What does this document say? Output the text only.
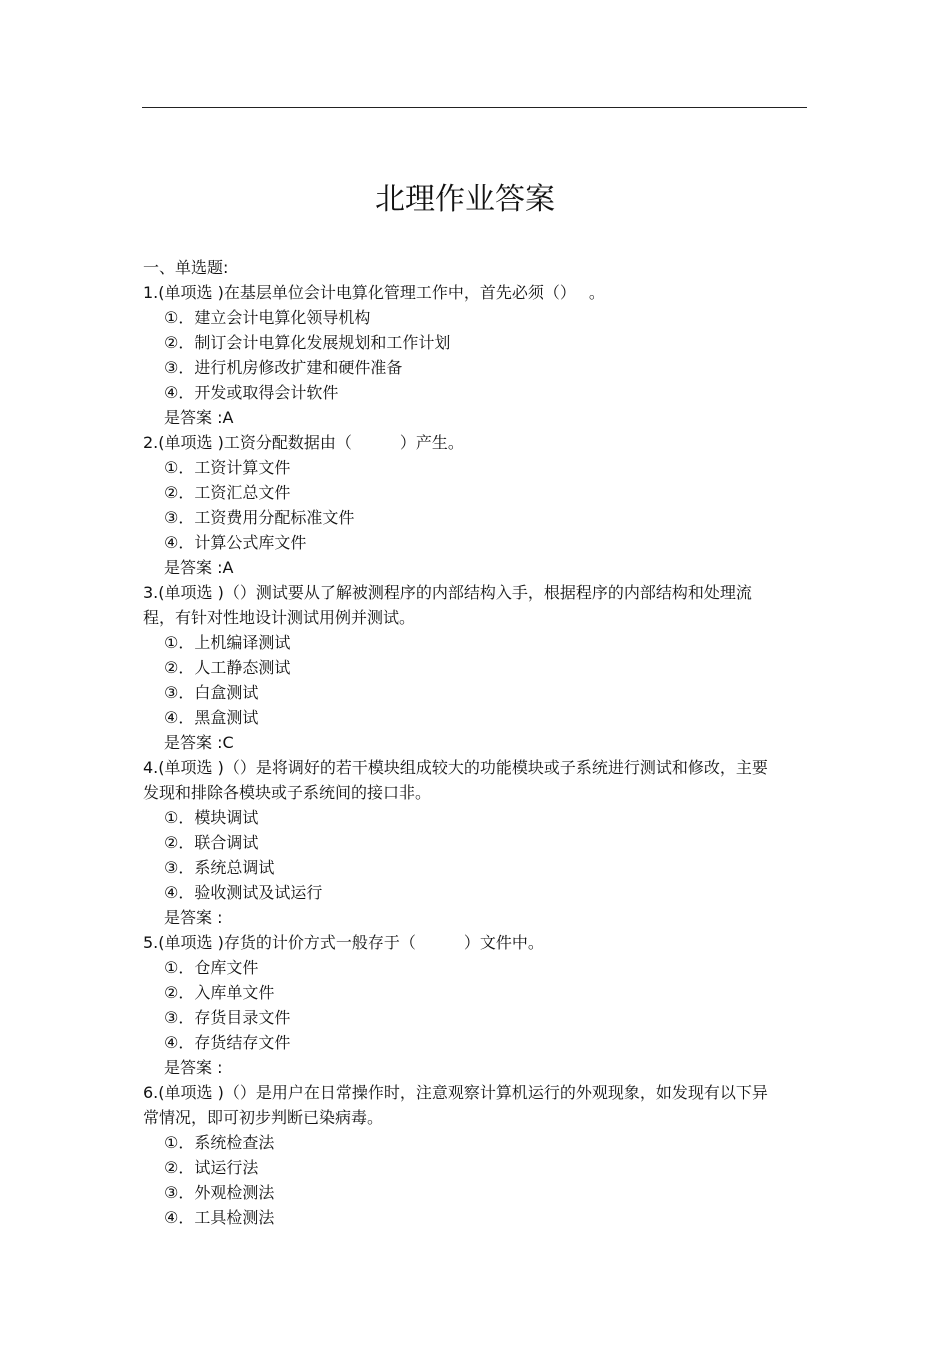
北理作业答案
一、单选题:
1.(单项选 )在基层单位会计电算化管理工作中，首先必须（）　 。
①．建立会计电算化领导机构
②．制订会计电算化发展规划和工作计划
③．进行机房修改扩建和硬件准备
④．开发或取得会计软件
是答案 :A
2.(单项选 )工资分配数据由（　　　）产生。
①．工资计算文件
②．工资汇总文件
③．工资费用分配标准文件
④．计算公式库文件
是答案 :A
3.(单项选 )（）测试要从了解被测程序的内部结构入手，根据程序的内部结构和处理流程，有针对性地设计测试用例并测试。
①．上机编译测试
②．人工静态测试
③．白盒测试
④．黑盒测试
是答案 :C
4.(单项选 )（）是将调好的若干模块组成较大的功能模块或子系统进行测试和修改，主要发现和排除各模块或子系统间的接口非。
①．模块调试
②．联合调试
③．系统总调试
④．验收测试及试运行
是答案 :
5.(单项选 )存货的计价方式一般存于（　　　）文件中。
①．仓库文件
②．入库单文件
③．存货目录文件
④．存货结存文件
是答案 :
6.(单项选 )（）是用户在日常操作时，注意观察计算机运行的外观现象，如发现有以下异常情况，即可初步判断已染病毒。
①．系统检查法
②．试运行法
③．外观检测法
④．工具检测法
